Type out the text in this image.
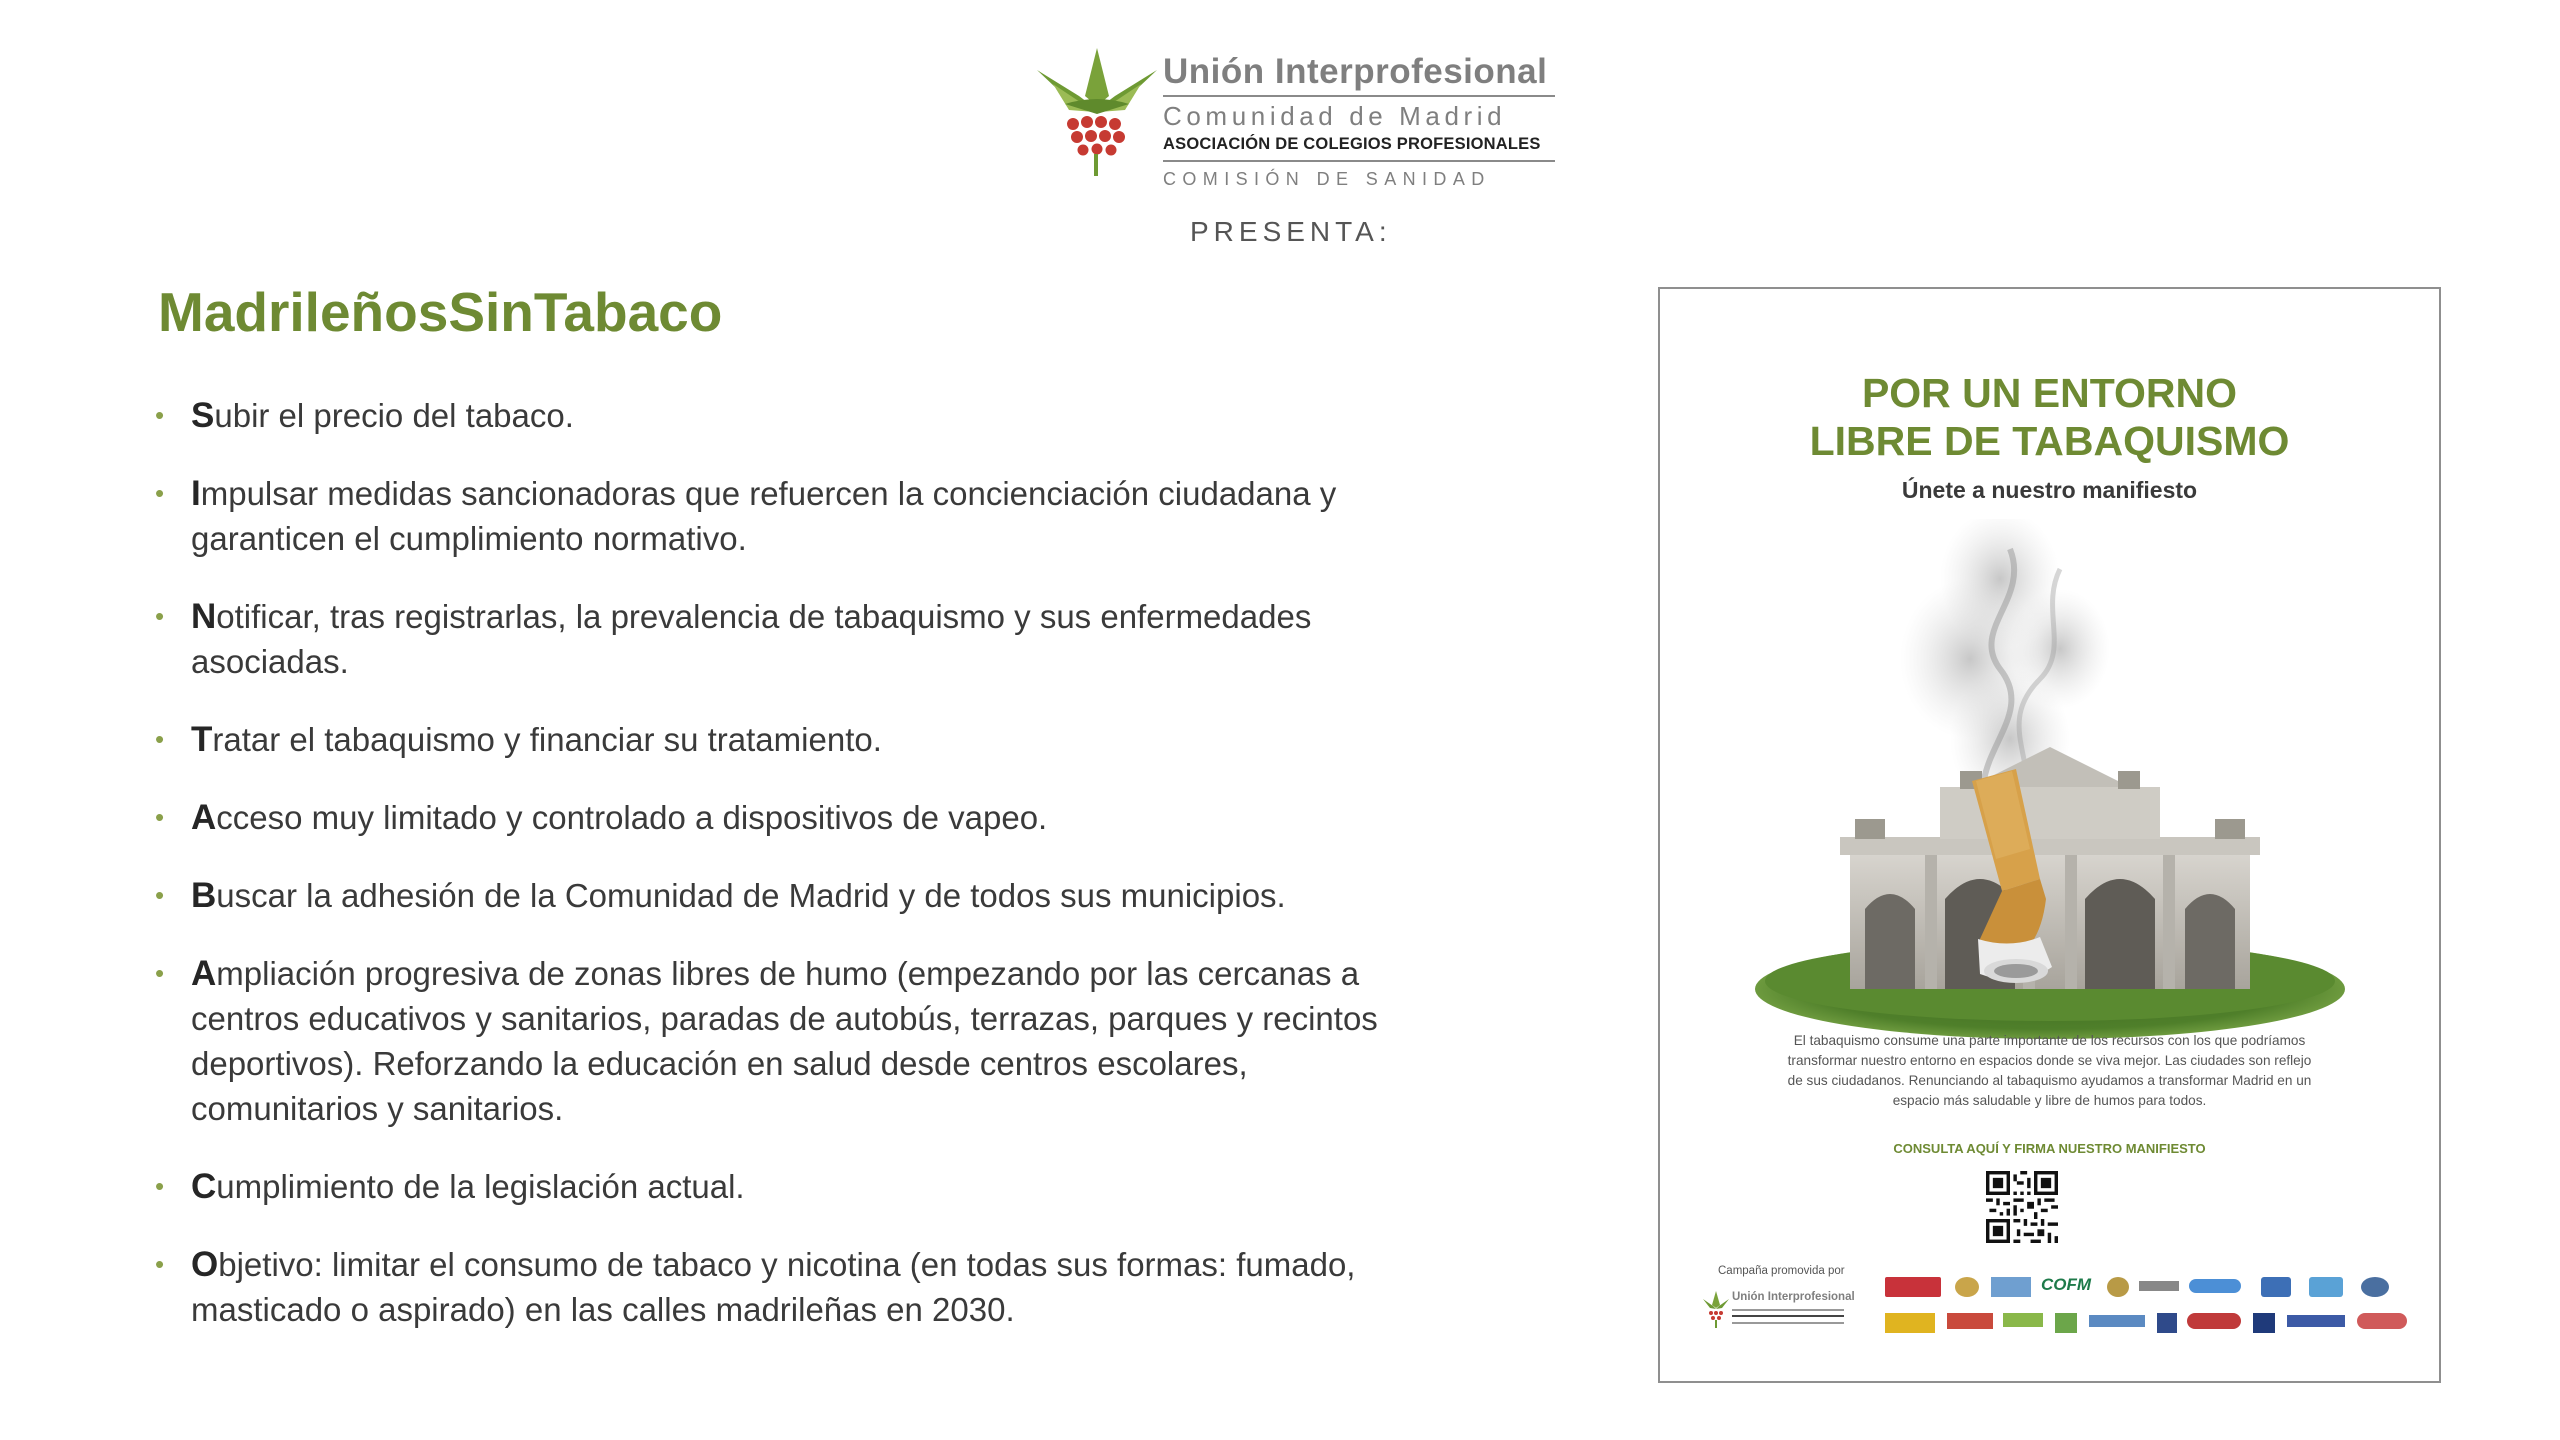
Unión Interprofesional
Comunidad de Madrid
ASOCIACIÓN DE COLEGIOS PROFESIONALES
COMISIÓN DE SANIDAD
PRESENTA:
MadrileñosSinTabaco
• Subir el precio del tabaco.
• Impulsar medidas sancionadoras que refuercen la concienciación ciudadana y garanticen el cumplimiento normativo.
• Notificar, tras registrarlas, la prevalencia de tabaquismo y sus enfermedades asociadas.
• Tratar el tabaquismo y financiar su tratamiento.
• Acceso muy limitado y controlado a dispositivos de vapeo.
• Buscar la adhesión de la Comunidad de Madrid y de todos sus municipios.
• Ampliación progresiva de zonas libres de humo (empezando por las cercanas a centros educativos y sanitarios, paradas de autobús, terrazas, parques y recintos deportivos). Reforzando la educación en salud desde centros escolares, comunitarios y sanitarios.
• Cumplimiento de la legislación actual.
• Objetivo: limitar el consumo de tabaco y nicotina (en todas sus formas: fumado, masticado o aspirado) en las calles madrileñas en 2030.
POR UN ENTORNO
LIBRE DE TABAQUISMO
Únete a nuestro manifiesto
El tabaquismo consume una parte importante de los recursos con los que podríamos transformar nuestro entorno en espacios donde se viva mejor. Las ciudades son reflejo de sus ciudadanos. Renunciando al tabaquismo ayudamos a transformar Madrid en un espacio más saludable y libre de humos para todos.
CONSULTA AQUÍ Y FIRMA NUESTRO MANIFIESTO
Campaña promovida por
Unión Interprofesional
COFM
